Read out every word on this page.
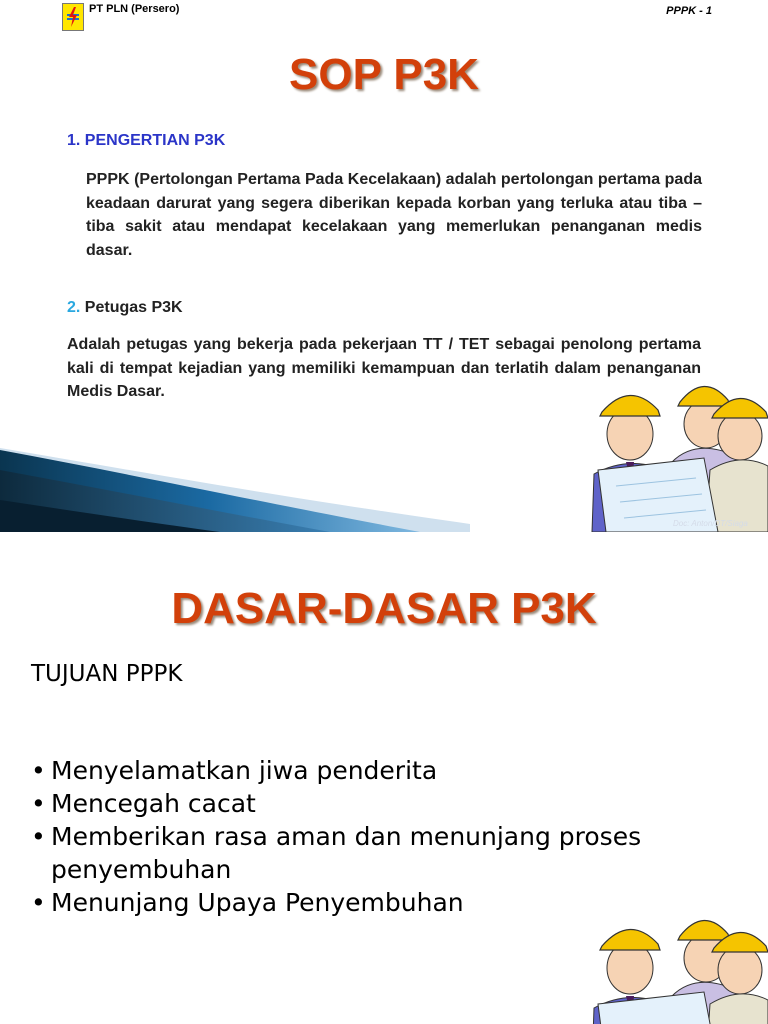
PT PLN (Persero)	PPPK - 1
SOP P3K
1. PENGERTIAN P3K
PPPK (Pertolongan Pertama Pada Kecelakaan) adalah pertolongan pertama pada keadaan darurat yang segera diberikan kepada korban yang terluka atau tiba – tiba sakit atau mendapat kecelakaan yang memerlukan penanganan medis dasar.
2. Petugas P3K
Adalah petugas yang bekerja pada pekerjaan TT / TET sebagai penolong pertama kali di tempat kejadian yang memiliki kemampuan dan terlatih dalam penanganan Medis Dasar.
Doc: Anton/DT/Siaga
DASAR-DASAR P3K
TUJUAN PPPK
• Menyelamatkan jiwa penderita
• Mencegah cacat
• Memberikan rasa aman dan menunjang proses penyembuhan
• Menunjang Upaya Penyembuhan
